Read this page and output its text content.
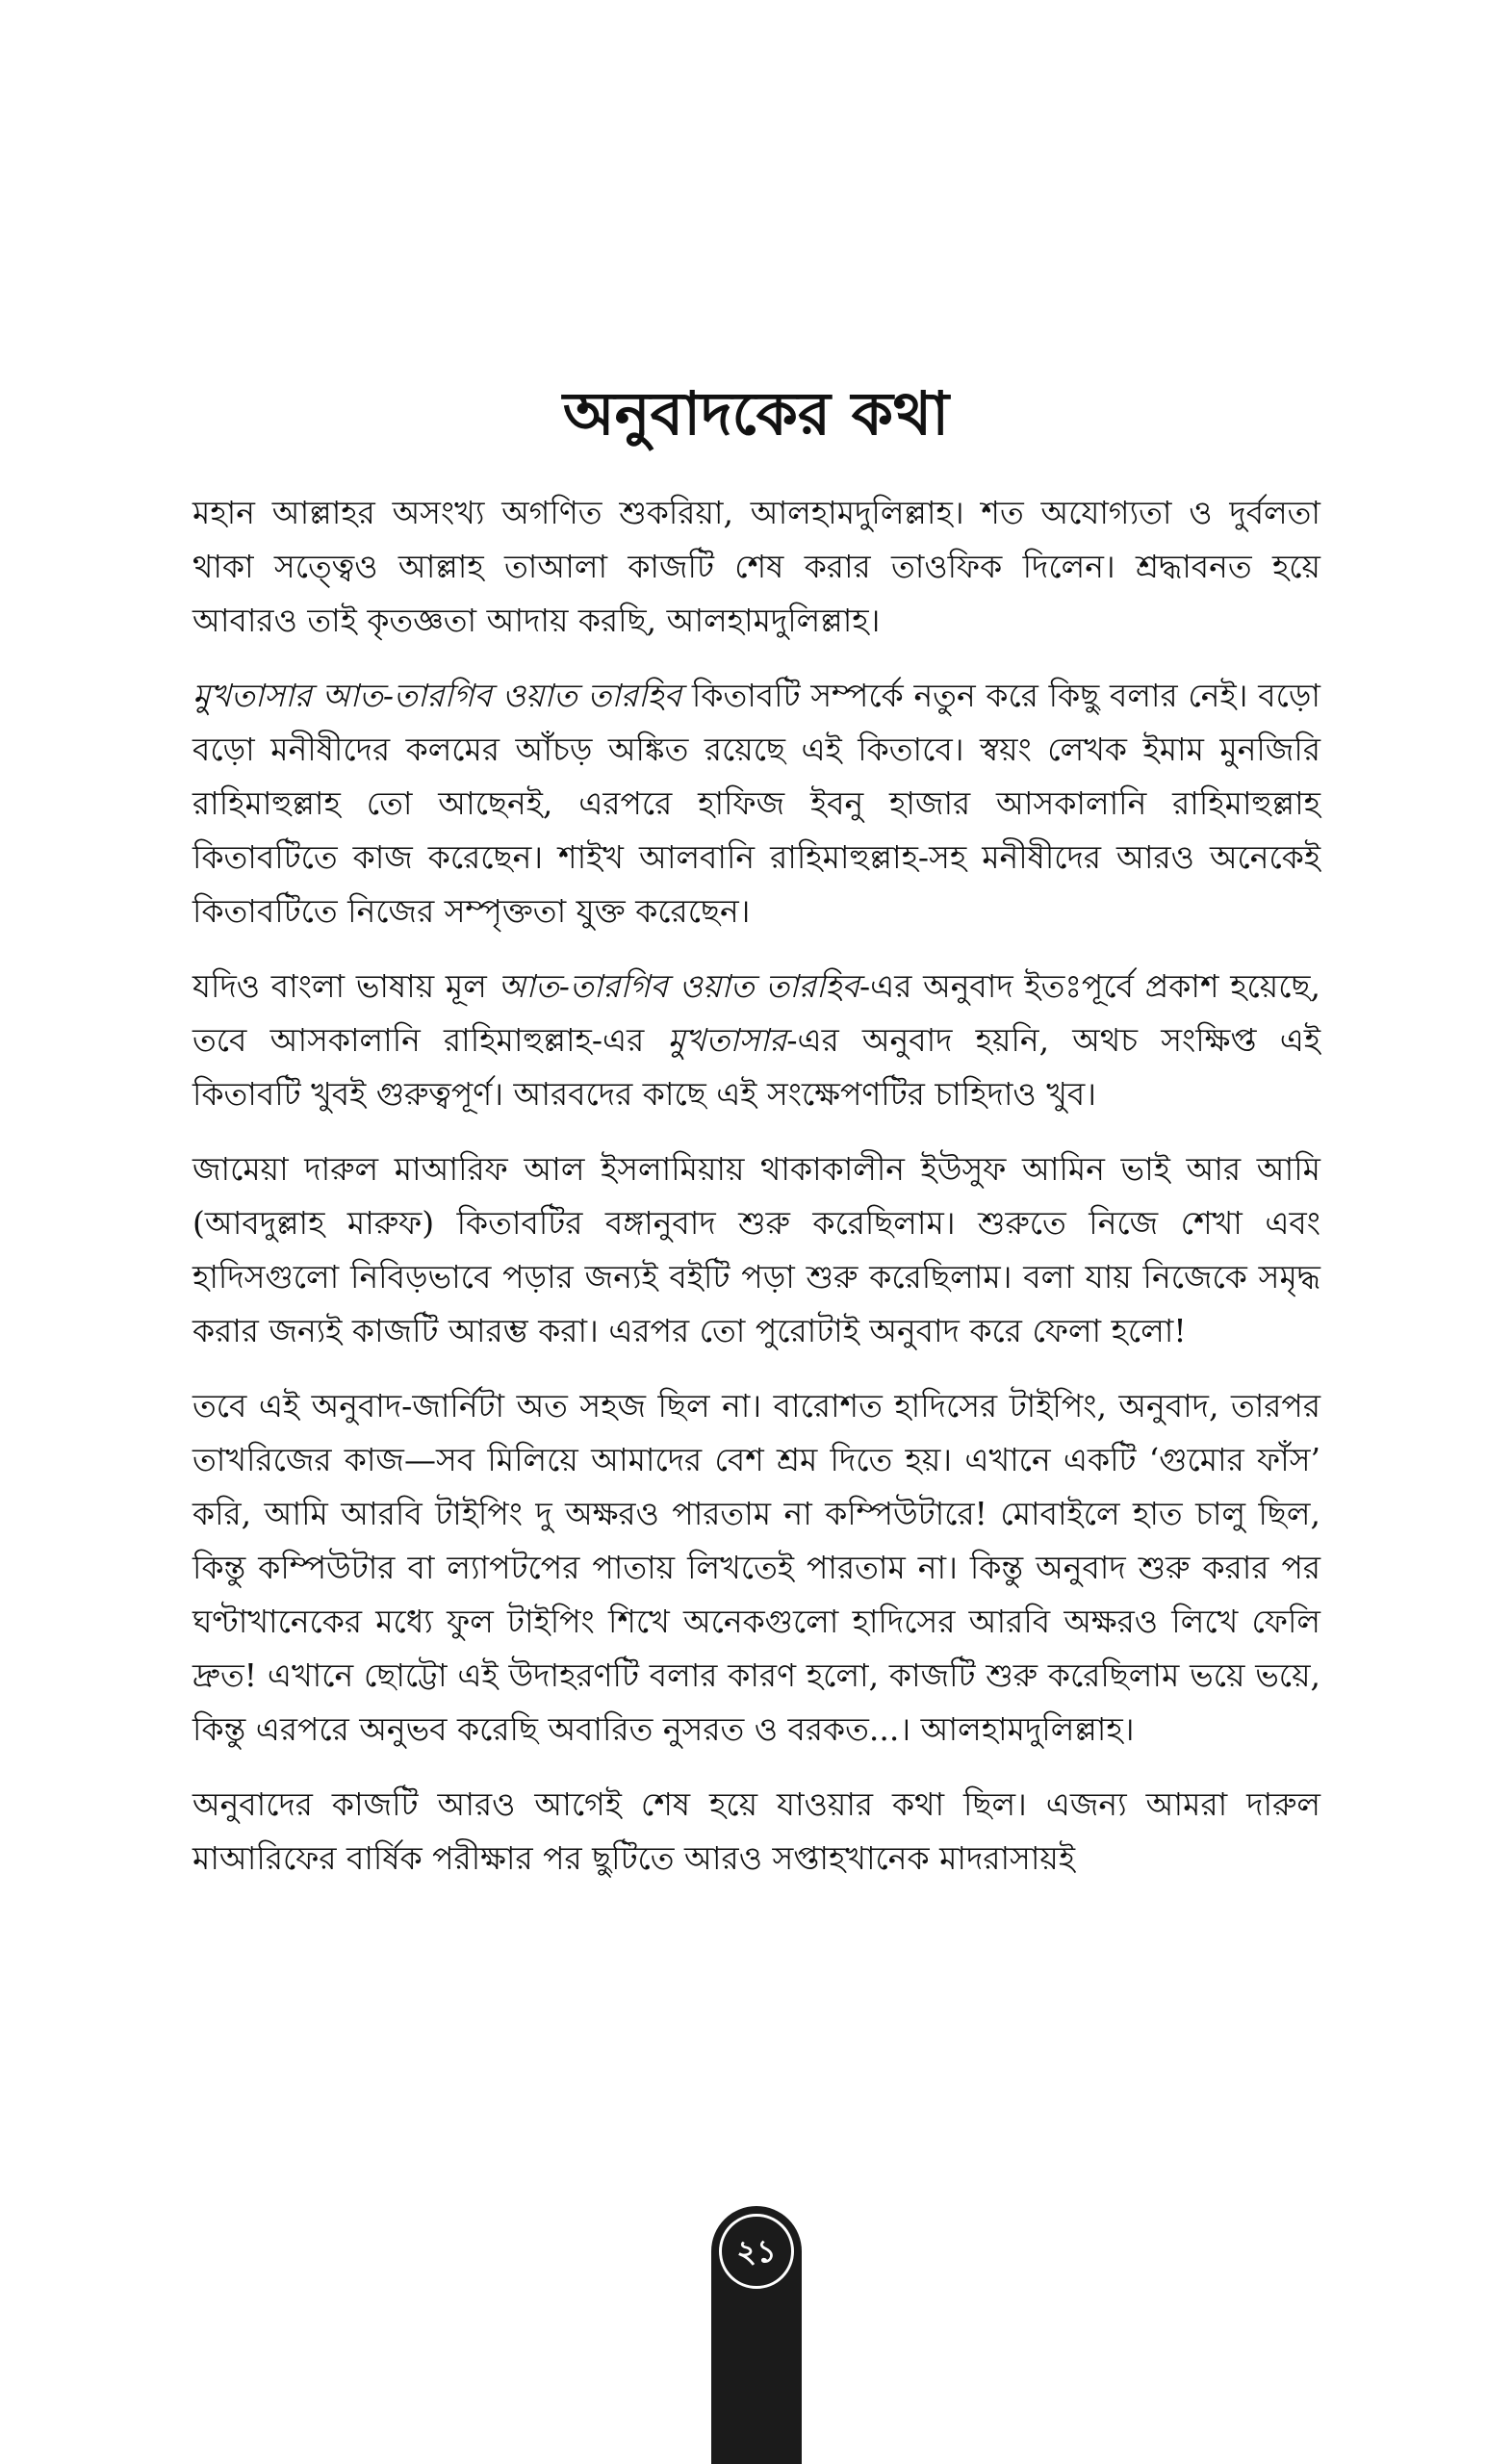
অনুবাদকের কথা

মহান আল্লাহর অসংখ্য অগণিত শুকরিয়া, আলহামদুলিল্লাহ। শত অযোগ্যতা ও দুর্বলতা থাকা সত্ত্বেও আল্লাহ তাআলা কাজটি শেষ করার তাওফিক দিলেন। শ্রদ্ধাবনত হয়ে আবারও তাই কৃতজ্ঞতা আদায় করছি, আলহামদুলিল্লাহ।

মুখতাসার আত-তারগিব ওয়াত তারহিব কিতাবটি সম্পর্কে নতুন করে কিছু বলার নেই। বড়ো বড়ো মনীষীদের কলমের আঁচড় অঙ্কিত রয়েছে এই কিতাবে। স্বয়ং লেখক ইমাম মুনজিরি রাহিমাহুল্লাহ তো আছেনই, এরপরে হাফিজ ইবনু হাজার আসকালানি রাহিমাহুল্লাহ কিতাবটিতে কাজ করেছেন। শাইখ আলবানি রাহিমাহুল্লাহ-সহ মনীষীদের আরও অনেকেই কিতাবটিতে নিজের সম্পৃক্ততা যুক্ত করেছেন।

যদিও বাংলা ভাষায় মূল আত-তারগিব ওয়াত তারহিব-এর অনুবাদ ইতঃপূর্বে প্রকাশ হয়েছে, তবে আসকালানি রাহিমাহুল্লাহ-এর মুখতাসার-এর অনুবাদ হয়নি, অথচ সংক্ষিপ্ত এই কিতাবটি খুবই গুরুত্বপূর্ণ। আরবদের কাছে এই সংক্ষেপণটির চাহিদাও খুব।

জামেয়া দারুল মাআরিফ আল ইসলামিয়ায় থাকাকালীন ইউসুফ আমিন ভাই আর আমি (আবদুল্লাহ মারুফ) কিতাবটির বঙ্গানুবাদ শুরু করেছিলাম। শুরুতে নিজে শেখা এবং হাদিসগুলো নিবিড়ভাবে পড়ার জন্যই বইটি পড়া শুরু করেছিলাম। বলা যায় নিজেকে সমৃদ্ধ করার জন্যই কাজটি আরম্ভ করা। এরপর তো পুরোটাই অনুবাদ করে ফেলা হলো!

তবে এই অনুবাদ-জার্নিটা অত সহজ ছিল না। বারোশত হাদিসের টাইপিং, অনুবাদ, তারপর তাখরিজের কাজ—সব মিলিয়ে আমাদের বেশ শ্রম দিতে হয়। এখানে একটি ‘গুমোর ফাঁস’ করি, আমি আরবি টাইপিং দু অক্ষরও পারতাম না কম্পিউটারে! মোবাইলে হাত চালু ছিল, কিন্তু কম্পিউটার বা ল্যাপটপের পাতায় লিখতেই পারতাম না। কিন্তু অনুবাদ শুরু করার পর ঘণ্টাখানেকের মধ্যে ফুল টাইপিং শিখে অনেকগুলো হাদিসের আরবি অক্ষরও লিখে ফেলি দ্রুত! এখানে ছোট্টো এই উদাহরণটি বলার কারণ হলো, কাজটি শুরু করেছিলাম ভয়ে ভয়ে, কিন্তু এরপরে অনুভব করেছি অবারিত নুসরত ও বরকত...। আলহামদুলিল্লাহ।

অনুবাদের কাজটি আরও আগেই শেষ হয়ে যাওয়ার কথা ছিল। এজন্য আমরা দারুল মাআরিফের বার্ষিক পরীক্ষার পর ছুটিতে আরও সপ্তাহখানেক মাদরাসায়ই

২১
